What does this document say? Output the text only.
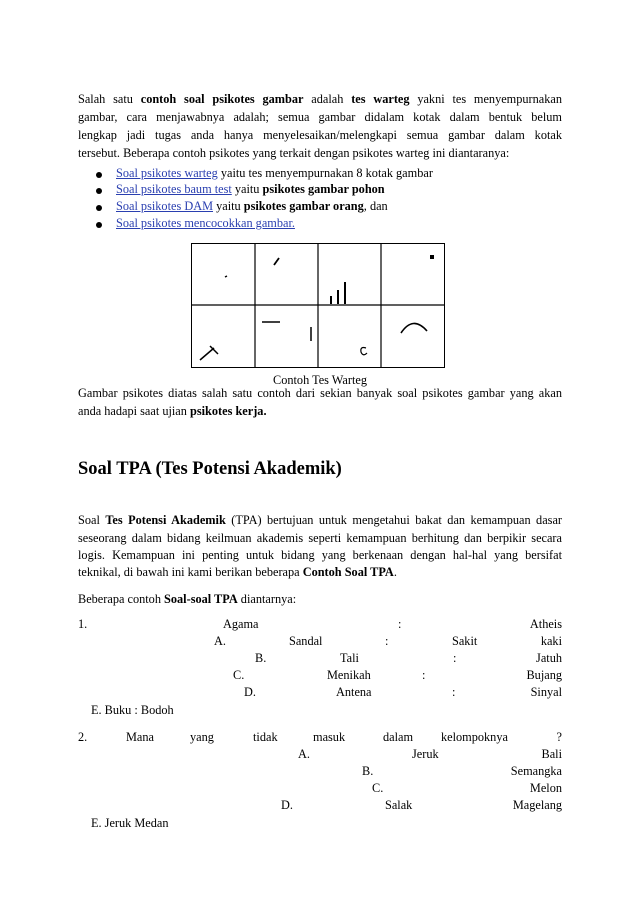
Salah satu contoh soal psikotes gambar adalah tes warteg yakni tes menyempurnakan
gambar, cara menjawabnya adalah; semua gambar didalam kotak dalam bentuk belum
lengkap jadi tugas anda hanya menyelesaikan/melengkapi semua gambar dalam kotak
tersebut. Beberapa contoh psikotes yang terkait dengan psikotes warteg ini diantaranya:
Soal psikotes warteg yaitu tes menyempurnakan 8 kotak gambar
Soal psikotes baum test yaitu psikotes gambar pohon
Soal psikotes DAM yaitu psikotes gambar orang, dan
Soal psikotes mencocokkan gambar.
Contoh Tes Warteg
Gambar psikotes diatas salah satu contoh dari sekian banyak soal psikotes gambar yang akan
anda hadapi saat ujian psikotes kerja.
Soal TPA (Tes Potensi Akademik)
Soal Tes Potensi Akademik (TPA) bertujuan untuk mengetahui bakat dan kemampuan dasar
seseorang dalam bidang keilmuan akademis seperti kemampuan berhitung dan berpikir secara
logis. Kemampuan ini penting untuk bidang yang berkenaan dengan hal-hal yang bersifat
teknikal, di bawah ini kami berikan beberapa Contoh Soal TPA.
Beberapa contoh Soal-soal TPA diantarnya:
1.	Agama	:	Atheis
A.	Sandal	:	Sakit	kaki
B.	Tali	:	Jatuh
C.	Menikah	:	Bujang
D.	Antena	:	Sinyal
E. Buku : Bodoh
2.	Mana	yang	tidak	masuk	dalam kelompoknya	?
A.	Jeruk	Bali
B.	Semangka
C.	Melon
D.	Salak	Magelang
E. Jeruk Medan
